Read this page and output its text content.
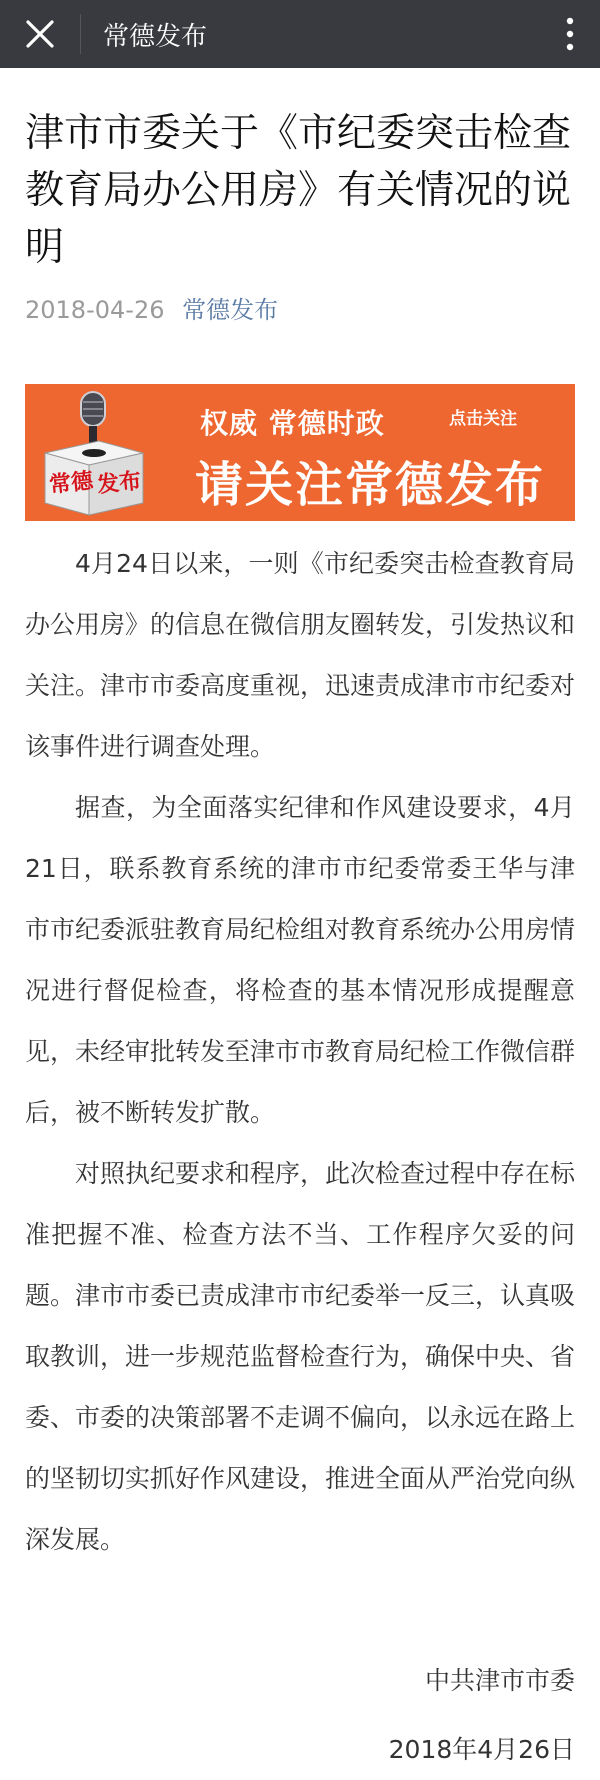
常德发布
津市市委关于《市纪委突击检查教育局办公用房》有关情况的说明
2018-04-26 常德发布
常德 发布
权威 常德时政	点击关注
请关注常德发布

4月24日以来，一则《市纪委突击检查教育局办公用房》的信息在微信朋友圈转发，引发热议和关注。津市市委高度重视，迅速责成津市市纪委对该事件进行调查处理。

据查，为全面落实纪律和作风建设要求，4月21日，联系教育系统的津市市纪委常委王华与津市市纪委派驻教育局纪检组对教育系统办公用房情况进行督促检查，将检查的基本情况形成提醒意见，未经审批转发至津市市教育局纪检工作微信群后，被不断转发扩散。

对照执纪要求和程序，此次检查过程中存在标准把握不准、检查方法不当、工作程序欠妥的问题。津市市委已责成津市市纪委举一反三，认真吸取教训，进一步规范监督检查行为，确保中央、省委、市委的决策部署不走调不偏向，以永远在路上的坚韧切实抓好作风建设，推进全面从严治党向纵深发展。

中共津市市委
2018年4月26日
